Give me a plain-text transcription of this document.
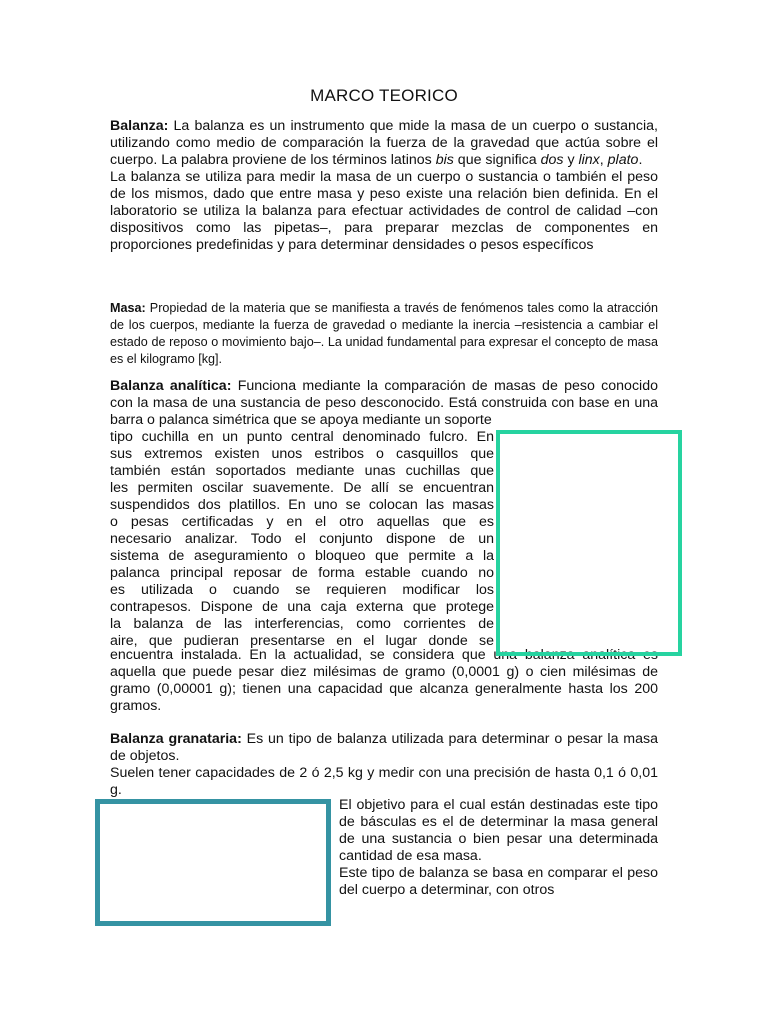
MARCO TEORICO

Balanza: La balanza es un instrumento que mide la masa de un cuerpo o sustancia, utilizando como medio de comparación la fuerza de la gravedad que actúa sobre el cuerpo. La palabra proviene de los términos latinos bis que significa dos y linx, plato.

La balanza se utiliza para medir la masa de un cuerpo o sustancia o también el peso de los mismos, dado que entre masa y peso existe una relación bien definida. En el laboratorio se utiliza la balanza para efectuar actividades de control de calidad –con dispositivos como las pipetas–, para preparar mezclas de componentes en proporciones predefinidas y para determinar densidades o pesos específicos

Masa: Propiedad de la materia que se manifiesta a través de fenómenos tales como la atracción de los cuerpos, mediante la fuerza de gravedad o mediante la inercia –resistencia a cambiar el estado de reposo o movimiento bajo–. La unidad fundamental para expresar el concepto de masa es el kilogramo [kg].

Balanza analítica: Funciona mediante la comparación de masas de peso conocido con la masa de una sustancia de peso desconocido. Está construida con base en una barra o palanca simétrica que se apoya mediante un soporte

tipo cuchilla en un punto central denominado fulcro. En
sus extremos existen unos estribos o casquillos que
también están soportados mediante unas cuchillas que
les permiten oscilar suavemente. De allí se encuentran
suspendidos dos platillos. En uno se colocan las masas
o pesas certificadas y en el otro aquellas que es
necesario analizar. Todo el conjunto dispone de un
sistema de aseguramiento o bloqueo que permite a la
palanca principal reposar de forma estable cuando no
es utilizada o cuando se requieren modificar los
contrapesos. Dispone de una caja externa que protege
la balanza de las interferencias, como corrientes de
aire, que pudieran presentarse en el lugar donde se
encuentra instalada. En la actualidad, se considera que una balanza analítica es aquella que puede pesar diez milésimas de gramo (0,0001 g) o cien milésimas de gramo (0,00001 g); tienen una capacidad que alcanza generalmente hasta los 200 gramos.

Balanza granataria: Es un tipo de balanza utilizada para determinar o pesar la masa de objetos.

Suelen tener capacidades de 2 ó 2,5 kg y medir con una precisión de hasta 0,1 ó 0,01 g.

El objetivo para el cual están destinadas este tipo de básculas es el de determinar la masa general de una sustancia o bien pesar una determinada cantidad de esa masa.

Este tipo de balanza se basa en comparar el peso del cuerpo a determinar, con otros
